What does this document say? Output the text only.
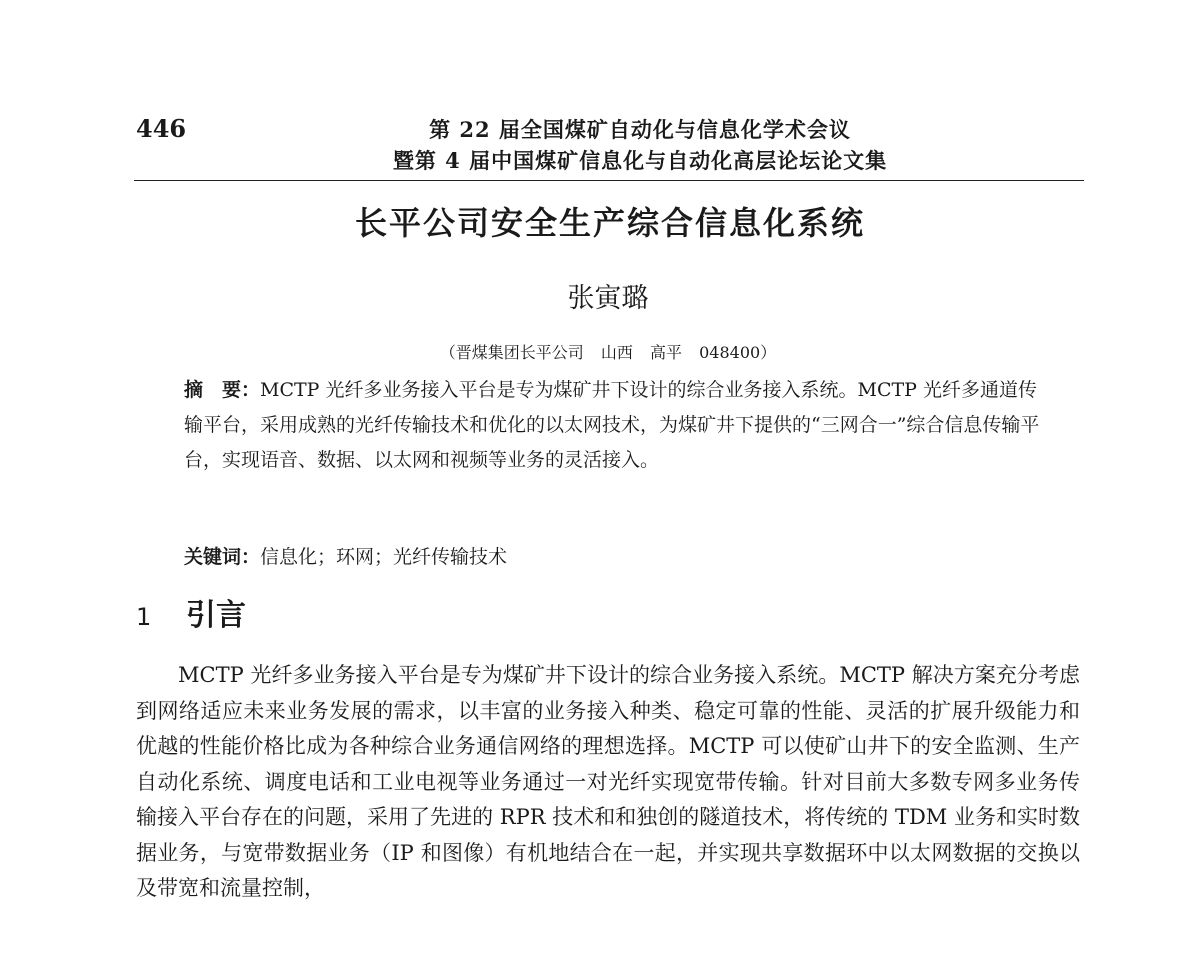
446	第 22 届全国煤矿自动化与信息化学术会议
暨第 4 届中国煤矿信息化与自动化高层论坛论文集
长平公司安全生产综合信息化系统
张寅璐
（晋煤集团长平公司 山西 高平 048400）
摘　要：MCTP 光纤多业务接入平台是专为煤矿井下设计的综合业务接入系统。MCTP 光纤多通道传输平台，采用成熟的光纤传输技术和优化的以太网技术，为煤矿井下提供的“三网合一”综合信息传输平台，实现语音、数据、以太网和视频等业务的灵活接入。
关键词：信息化；环网；光纤传输技术
1 引言
MCTP 光纤多业务接入平台是专为煤矿井下设计的综合业务接入系统。MCTP 解决方案充分考虑到网络适应未来业务发展的需求，以丰富的业务接入种类、稳定可靠的性能、灵活的扩展升级能力和优越的性能价格比成为各种综合业务通信网络的理想选择。MCTP 可以使矿山井下的安全监测、生产自动化系统、调度电话和工业电视等业务通过一对光纤实现宽带传输。针对目前大多数专网多业务传输接入平台存在的问题，采用了先进的 RPR 技术和和独创的隧道技术，将传统的 TDM 业务和实时数据业务，与宽带数据业务（IP 和图像）有机地结合在一起，并实现共享数据环中以太网数据的交换以及带宽和流量控制，
